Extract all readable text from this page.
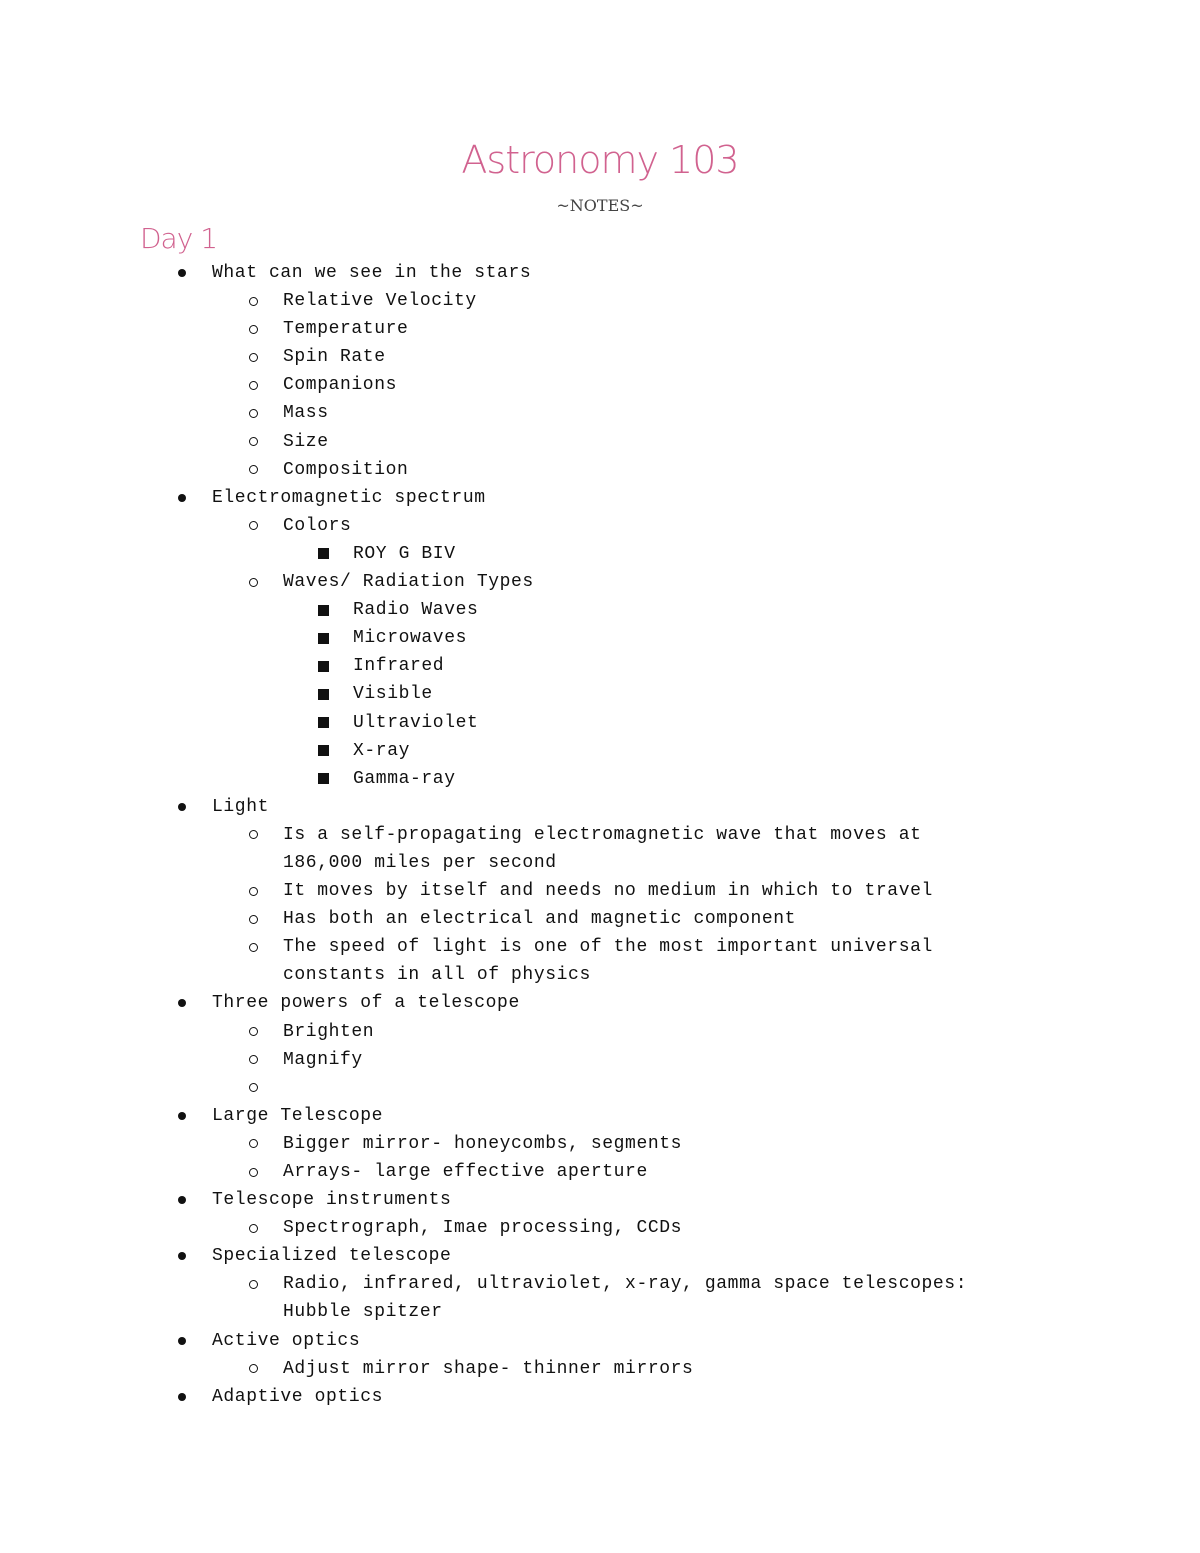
Astronomy 103
~NOTES~
Day 1
What can we see in the stars
Relative Velocity
Temperature
Spin Rate
Companions
Mass
Size
Composition
Electromagnetic spectrum
Colors
ROY G BIV
Waves/ Radiation Types
Radio Waves
Microwaves
Infrared
Visible
Ultraviolet
X-ray
Gamma-ray
Light
Is a self-propagating electromagnetic wave that moves at
186,000 miles per second
It moves by itself and needs no medium in which to travel
Has both an electrical and magnetic component
The speed of light is one of the most important universal
constants in all of physics
Three powers of a telescope
Brighten
Magnify
Large Telescope
Bigger mirror- honeycombs, segments
Arrays- large effective aperture
Telescope instruments
Spectrograph, Imae processing, CCDs
Specialized telescope
Radio, infrared, ultraviolet, x-ray, gamma space telescopes:
Hubble spitzer
Active optics
Adjust mirror shape- thinner mirrors
Adaptive optics
